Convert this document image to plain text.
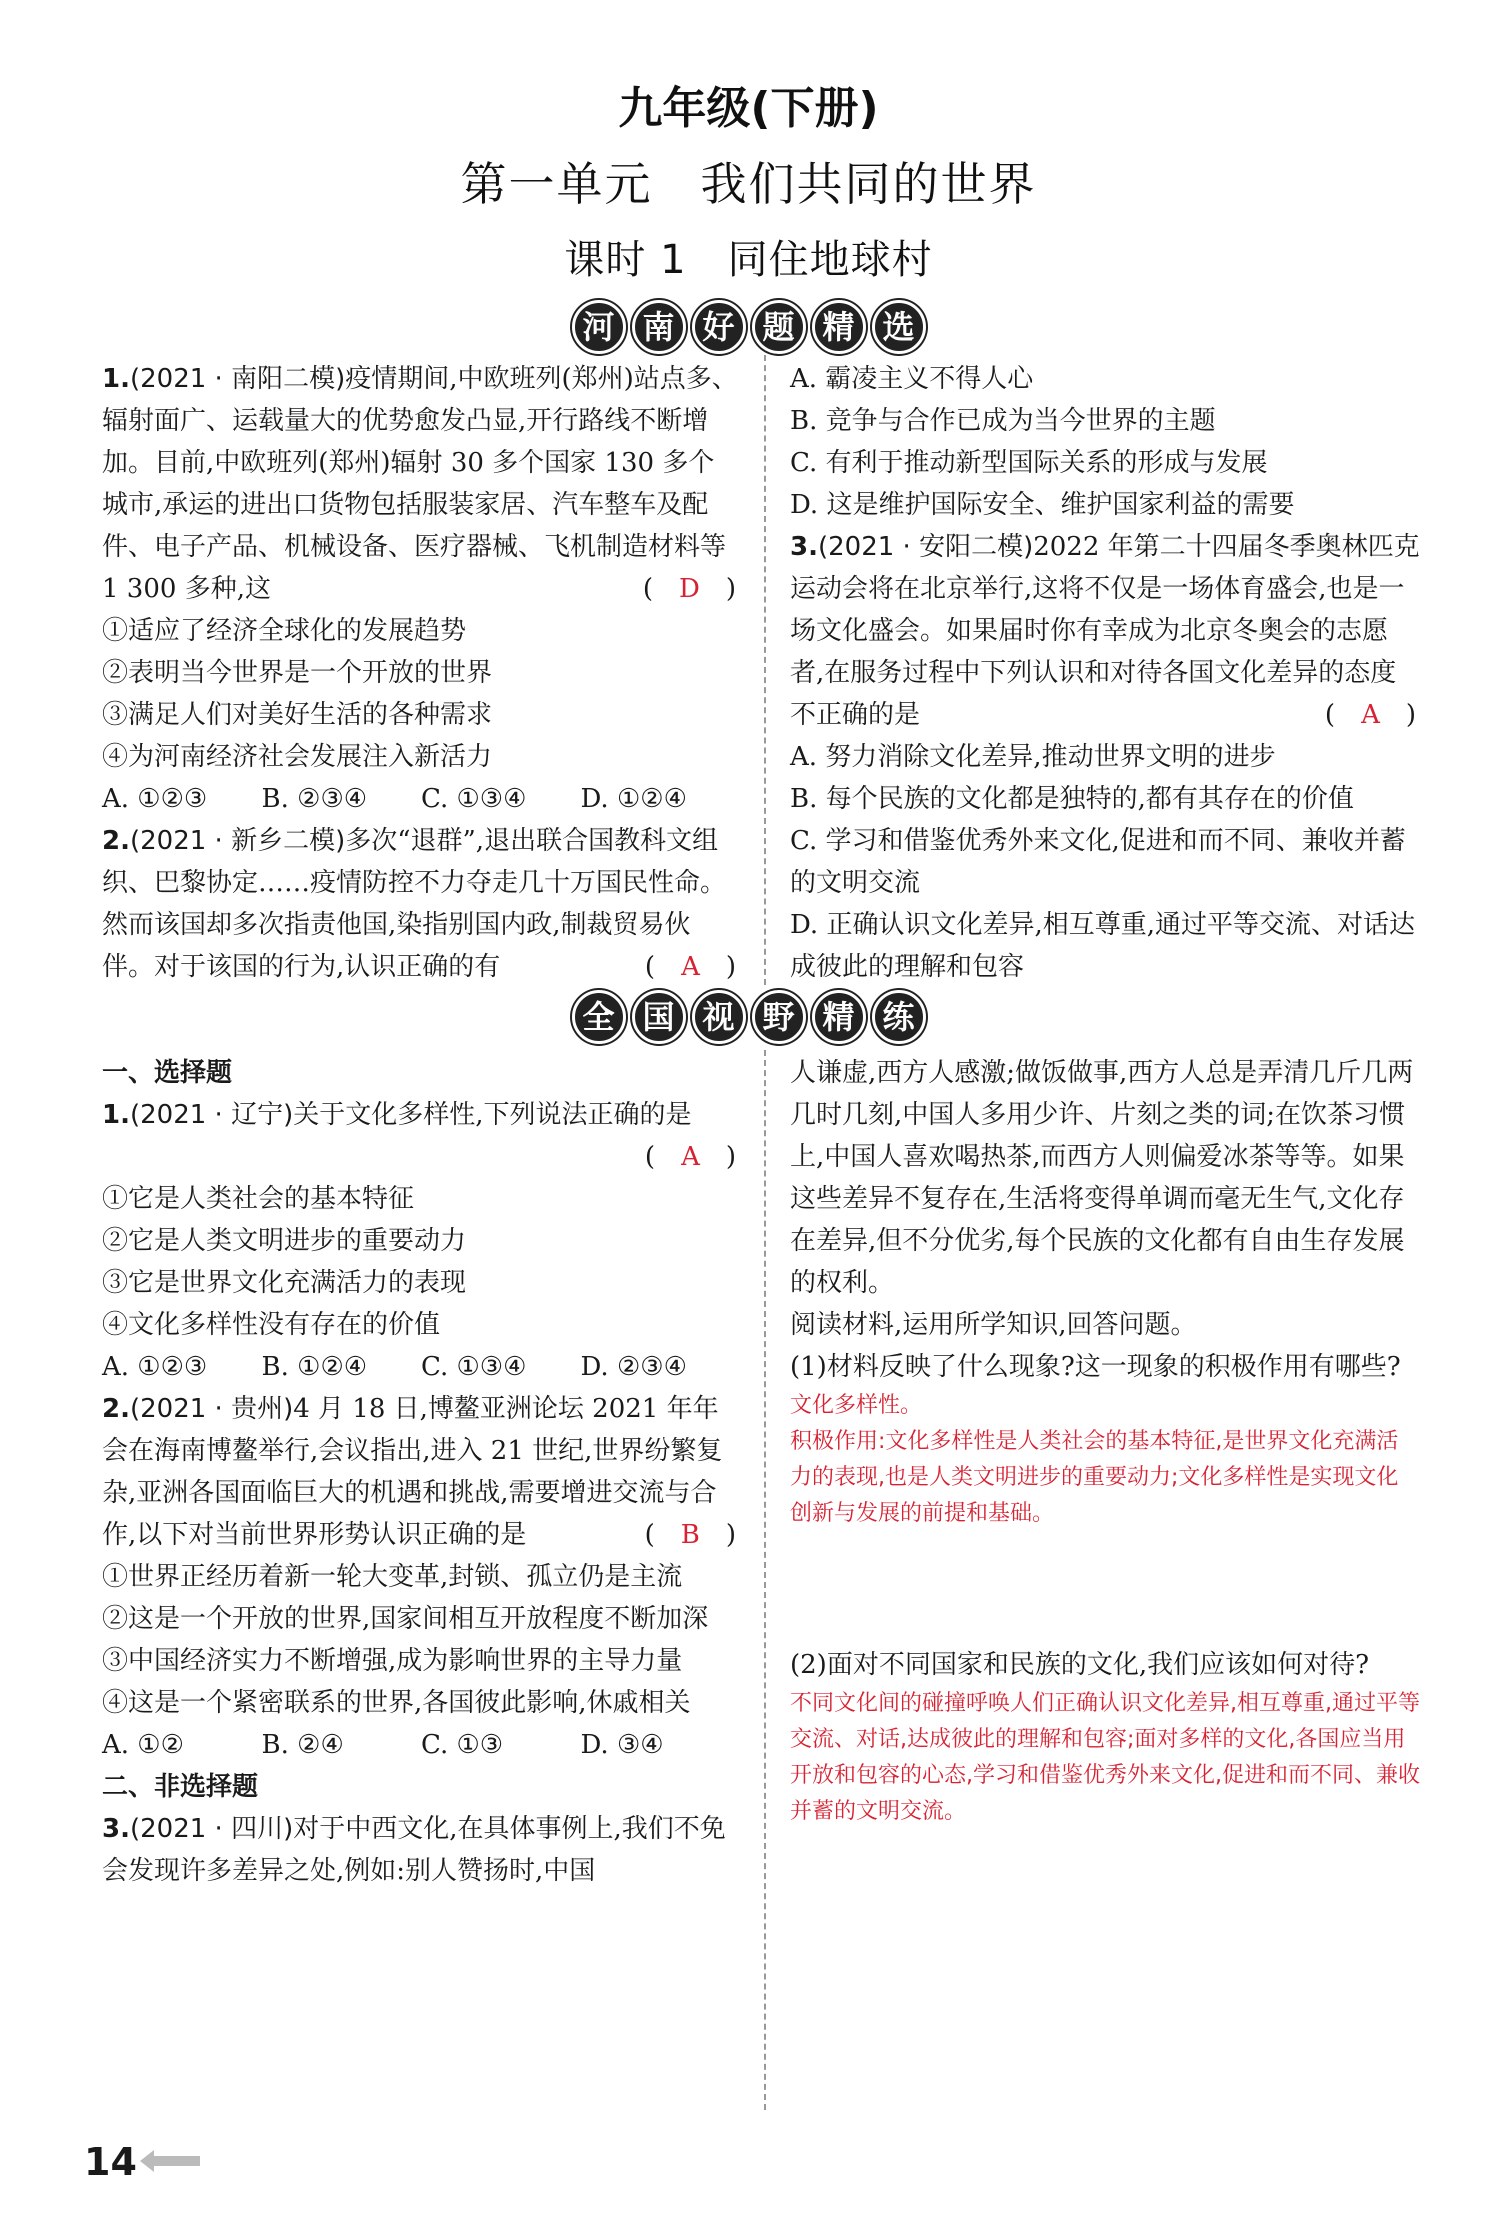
九年级(下册)
第一单元　我们共同的世界
课时 1　同住地球村
河 南 好 题 精 选

1.(2021 · 南阳二模)疫情期间,中欧班列(郑州)站点多、辐射面广、运载量大的优势愈发凸显,开行路线不断增加。目前,中欧班列(郑州)辐射 30 多个国家 130 多个城市,承运的进出口货物包括服装家居、汽车整车及配件、电子产品、机械设备、医疗器械、飞机制造材料等 1 300 多种,这	(　D　)

①适应了经济全球化的发展趋势

②表明当今世界是一个开放的世界

③满足人们对美好生活的各种需求

④为河南经济社会发展注入新活力

A. ①②③	B. ②③④	C. ①③④	D. ①②④

2.(2021 · 新乡二模)多次“退群”,退出联合国教科文组织、巴黎协定……疫情防控不力夺走几十万国民性命。然而该国却多次指责他国,染指别国内政,制裁贸易伙伴。对于该国的行为,认识正确的有	(　A　)

A. 霸凌主义不得人心

B. 竞争与合作已成为当今世界的主题

C. 有利于推动新型国际关系的形成与发展

D. 这是维护国际安全、维护国家利益的需要

3.(2021 · 安阳二模)2022 年第二十四届冬季奥林匹克运动会将在北京举行,这将不仅是一场体育盛会,也是一场文化盛会。如果届时你有幸成为北京冬奥会的志愿者,在服务过程中下列认识和对待各国文化差异的态度不正确的是	(　A　)

A. 努力消除文化差异,推动世界文明的进步

B. 每个民族的文化都是独特的,都有其存在的价值

C. 学习和借鉴优秀外来文化,促进和而不同、兼收并蓄的文明交流

D. 正确认识文化差异,相互尊重,通过平等交流、对话达成彼此的理解和包容

全 国 视 野 精 练

一、选择题

1.(2021 · 辽宁)关于文化多样性,下列说法正确的是

(　A　)

①它是人类社会的基本特征

②它是人类文明进步的重要动力

③它是世界文化充满活力的表现

④文化多样性没有存在的价值

A. ①②③	B. ①②④	C. ①③④	D. ②③④

2.(2021 · 贵州)4 月 18 日,博鳌亚洲论坛 2021 年年会在海南博鳌举行,会议指出,进入 21 世纪,世界纷繁复杂,亚洲各国面临巨大的机遇和挑战,需要增进交流与合作,以下对当前世界形势认识正确的是	(　B　)

①世界正经历着新一轮大变革,封锁、孤立仍是主流

②这是一个开放的世界,国家间相互开放程度不断加深

③中国经济实力不断增强,成为影响世界的主导力量

④这是一个紧密联系的世界,各国彼此影响,休戚相关

A. ①②	B. ②④	C. ①③	D. ③④

二、非选择题

3.(2021 · 四川)对于中西文化,在具体事例上,我们不免会发现许多差异之处,例如:别人赞扬时,中国

人谦虚,西方人感激;做饭做事,西方人总是弄清几斤几两几时几刻,中国人多用少许、片刻之类的词;在饮茶习惯上,中国人喜欢喝热茶,而西方人则偏爱冰茶等等。如果这些差异不复存在,生活将变得单调而毫无生气,文化存在差异,但不分优劣,每个民族的文化都有自由生存发展的权利。

阅读材料,运用所学知识,回答问题。

(1)材料反映了什么现象?这一现象的积极作用有哪些?

文化多样性。

积极作用:文化多样性是人类社会的基本特征,是世界文化充满活力的表现,也是人类文明进步的重要动力;文化多样性是实现文化创新与发展的前提和基础。

(2)面对不同国家和民族的文化,我们应该如何对待?

不同文化间的碰撞呼唤人们正确认识文化差异,相互尊重,通过平等交流、对话,达成彼此的理解和包容;面对多样的文化,各国应当用开放和包容的心态,学习和借鉴优秀外来文化,促进和而不同、兼收并蓄的文明交流。

14
